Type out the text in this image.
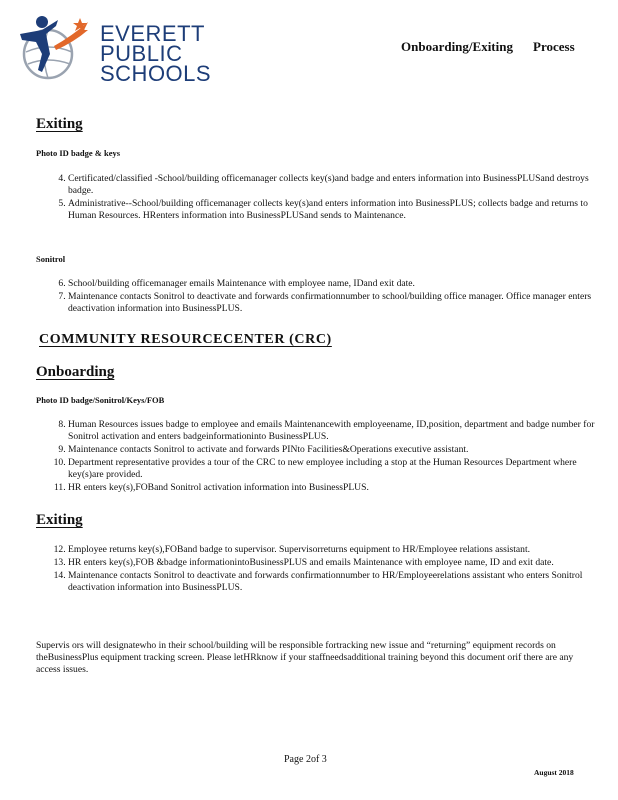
EVERETT
PUBLIC
SCHOOLS
Onboarding/Exiting Process
Exiting
Photo ID badge & keys
4. Certificated/classified -School/building officemanager collects key(s)and badge and enters information into BusinessPLUSand destroys badge.
5. Administrative--School/building officemanager collects key(s)and enters information into BusinessPLUS; collects badge and returns to Human Resources. HRenters information into BusinessPLUSand sends to Maintenance.
Sonitrol
6. School/building officemanager emails Maintenance with employee name, IDand exit date.
7. Maintenance contacts Sonitrol to deactivate and forwards confirmationnumber to school/building office manager. Office manager enters deactivation information into BusinessPLUS.
COMMUNITY RESOURCECENTER (CRC)
Onboarding
Photo ID badge/Sonitrol/Keys/FOB
8. Human Resources issues badge to employee and emails Maintenancewith employeename, ID,position, department and badge number for Sonitrol activation and enters badgeinformationinto BusinessPLUS.
9. Maintenance contacts Sonitrol to activate and forwards PINto Facilities&Operations executive assistant.
10. Department representative provides a tour of the CRC to new employee including a stop at the Human Resources Department where key(s)are provided.
11. HR enters key(s),FOBand Sonitrol activation information into BusinessPLUS.
Exiting
12. Employee returns key(s),FOBand badge to supervisor. Supervisorreturns equipment to HR/Employee relations assistant.
13. HR enters key(s),FOB &badge informationintoBusinessPLUS and emails Maintenance with employee name, ID and exit date.
14. Maintenance contacts Sonitrol to deactivate and forwards confirmationnumber to HR/Employeerelations assistant who enters Sonitrol deactivation information into BusinessPLUS.
Supervis ors will designatewho in their school/building will be responsible fortracking new issue and “returning” equipment records on theBusinessPlus equipment tracking screen. Please letHRknow if your staffneedsadditional training beyond this document orif there are any access issues.
Page 2of 3
August 2018
